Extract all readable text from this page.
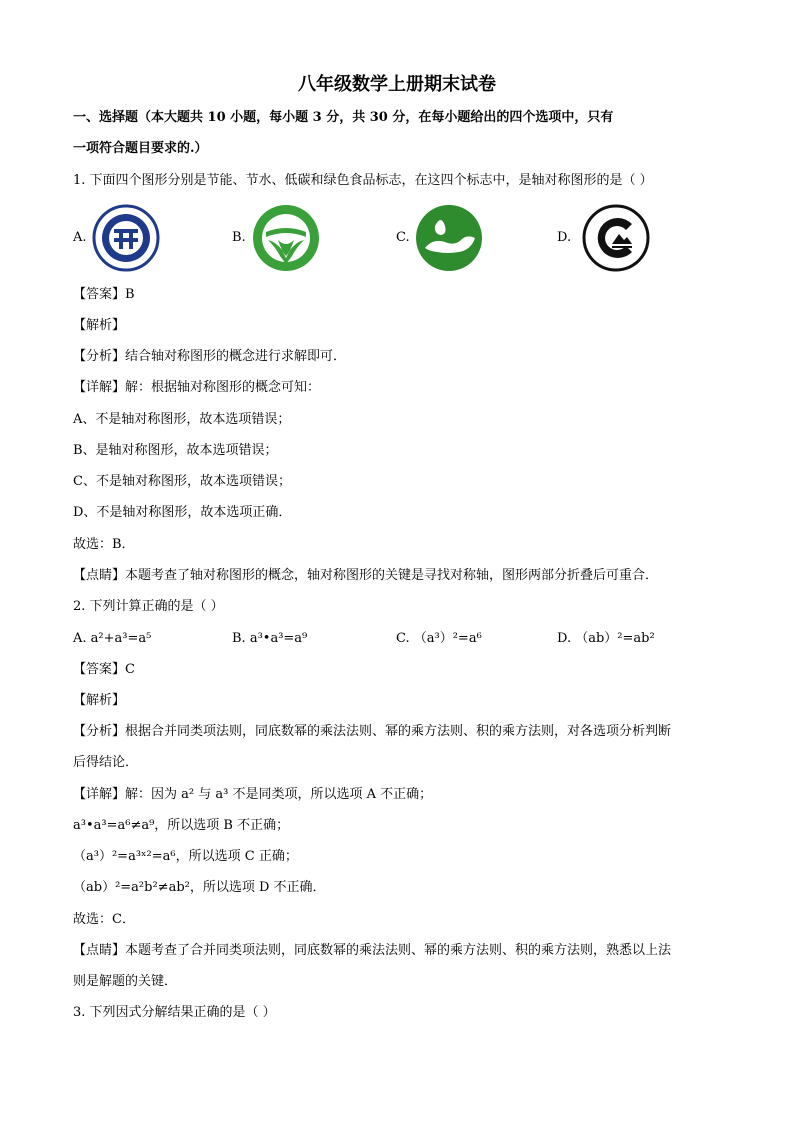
八年级数学上册期末试卷
一、选择题（本大题共 10 小题，每小题 3 分，共 30 分，在每小题给出的四个选项中，只有
一项符合题目要求的.）
1. 下面四个图形分别是节能、节水、低碳和绿色食品标志，在这四个标志中，是轴对称图形的是（ ）
A.	B.	C.	D.
【答案】B
【解析】
【分析】结合轴对称图形的概念进行求解即可．
【详解】解：根据轴对称图形的概念可知：
A、不是轴对称图形，故本选项错误；
B、是轴对称图形，故本选项错误；
C、不是轴对称图形，故本选项错误；
D、不是轴对称图形，故本选项正确．
故选：B．
【点睛】本题考查了轴对称图形的概念，轴对称图形的关键是寻找对称轴，图形两部分折叠后可重合．
2. 下列计算正确的是（ ）
A. a²+a³=a⁵	B. a³•a³=a⁹	C. （a³）²=a⁶	D. （ab）²=ab²
【答案】C
【解析】
【分析】根据合并同类项法则，同底数幂的乘法法则、幂的乘方法则、积的乘方法则，对各选项分析判断
后得结论．
【详解】解：因为 a² 与 a³ 不是同类项，所以选项 A 不正确；
a³•a³=a⁶≠a⁹，所以选项 B 不正确；
（a³）²=a³ˣ²=a⁶，所以选项 C 正确；
（ab）²=a²b²≠ab²，所以选项 D 不正确．
故选：C．
【点睛】本题考查了合并同类项法则，同底数幂的乘法法则、幂的乘方法则、积的乘方法则，熟悉以上法
则是解题的关键．
3. 下列因式分解结果正确的是（ ）
